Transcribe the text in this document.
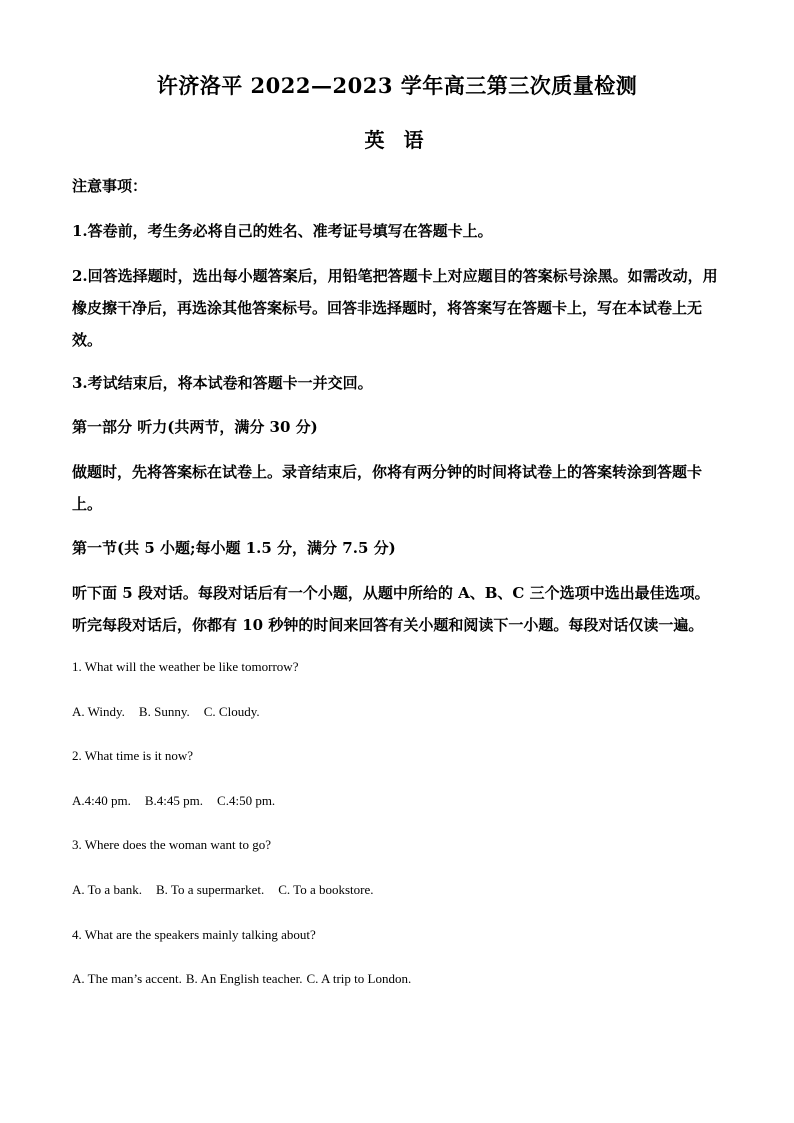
许济洛平 2022—2023 学年高三第三次质量检测
英 语
注意事项：
1.答卷前，考生务必将自己的姓名、准考证号填写在答题卡上。
2.回答选择题时，选出每小题答案后，用铅笔把答题卡上对应题目的答案标号涂黑。如需改动，用橡皮擦干净后，再选涂其他答案标号。回答非选择题时，将答案写在答题卡上，写在本试卷上无效。
3.考试结束后，将本试卷和答题卡一并交回。
第一部分 听力(共两节，满分 30 分)
做题时，先将答案标在试卷上。录音结束后，你将有两分钟的时间将试卷上的答案转涂到答题卡上。
第一节(共 5 小题;每小题 1.5 分，满分 7.5 分)
听下面 5 段对话。每段对话后有一个小题，从题中所给的 A、B、C 三个选项中选出最佳选项。听完每段对话后，你都有 10 秒钟的时间来回答有关小题和阅读下一小题。每段对话仅读一遍。
1. What will the weather be like tomorrow?
A. Windy. B. Sunny. C. Cloudy.
2. What time is it now?
A.4:40 pm. B.4:45 pm. C.4:50 pm.
3. Where does the woman want to go?
A. To a bank. B. To a supermarket. C. To a bookstore.
4. What are the speakers mainly talking about?
A. The man’s accent. B. An English teacher. C. A trip to London.
